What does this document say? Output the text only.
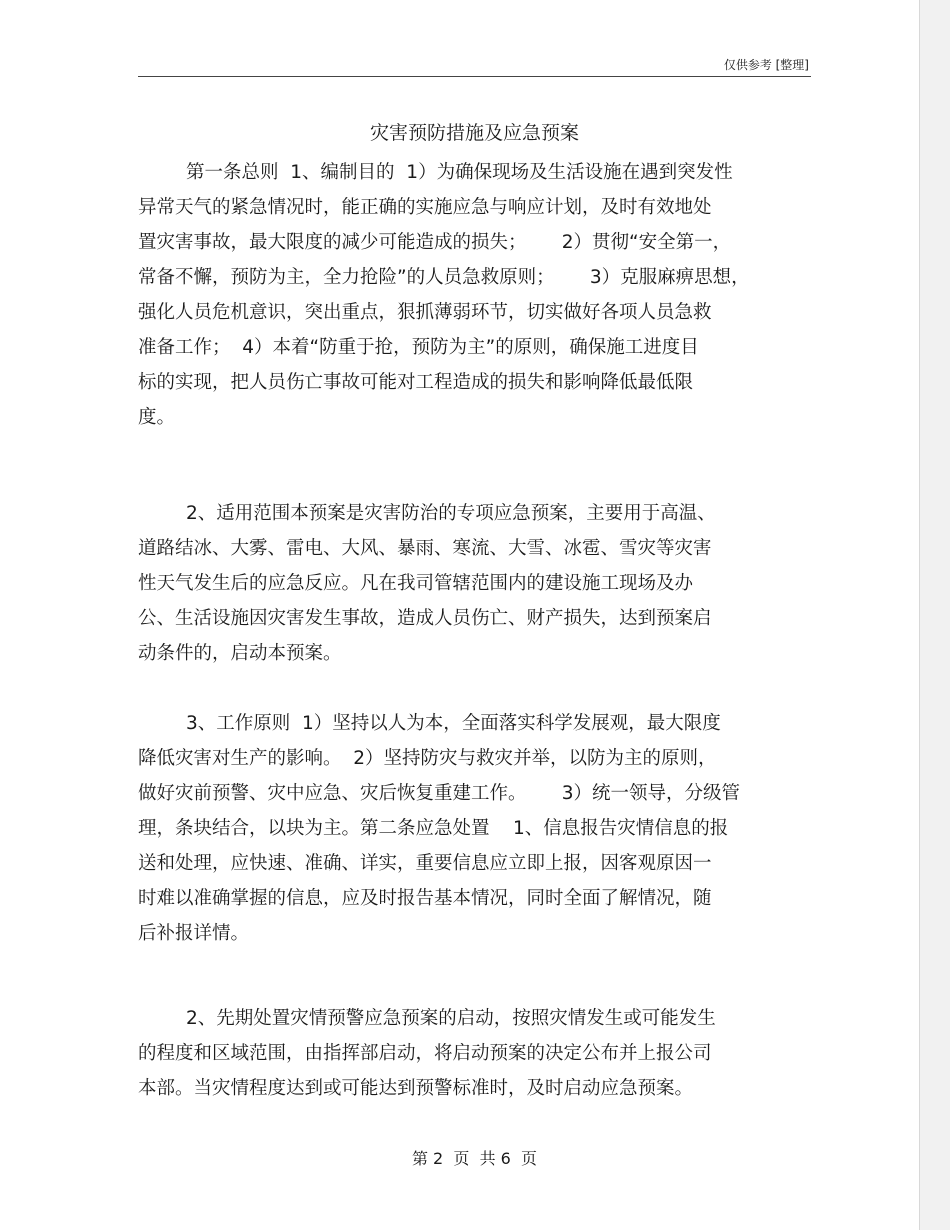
仅供参考 [整理]
灾害预防措施及应急预案
第一条总则  1、编制目的  1）为确保现场及生活设施在遇到突发性
异常天气的紧急情况时，能正确的实施应急与响应计划，及时有效地处
置灾害事故，最大限度的减少可能造成的损失；      2）贯彻“安全第一，
常备不懈，预防为主，全力抢险”的人员急救原则；      3）克服麻痹思想，
强化人员危机意识，突出重点，狠抓薄弱环节，切实做好各项人员急救
准备工作；  4）本着“防重于抢，预防为主”的原则，确保施工进度目
标的实现，把人员伤亡事故可能对工程造成的损失和影响降低最低限
度。
2、适用范围本预案是灾害防治的专项应急预案，主要用于高温、
道路结冰、大雾、雷电、大风、暴雨、寒流、大雪、冰雹、雪灾等灾害
性天气发生后的应急反应。凡在我司管辖范围内的建设施工现场及办
公、生活设施因灾害发生事故，造成人员伤亡、财产损失，达到预案启
动条件的，启动本预案。
3、工作原则  1）坚持以人为本，全面落实科学发展观，最大限度
降低灾害对生产的影响。  2）坚持防灾与救灾并举，以防为主的原则，
做好灾前预警、灾中应急、灾后恢复重建工作。      3）统一领导，分级管
理，条块结合，以块为主。第二条应急处置    1、信息报告灾情信息的报
送和处理，应快速、准确、详实，重要信息应立即上报，因客观原因一
时难以准确掌握的信息，应及时报告基本情况，同时全面了解情况，随
后补报详情。
2、先期处置灾情预警应急预案的启动，按照灾情发生或可能发生
的程度和区域范围，由指挥部启动，将启动预案的决定公布并上报公司
本部。当灾情程度达到或可能达到预警标准时，及时启动应急预案。
第 2  页  共 6  页
